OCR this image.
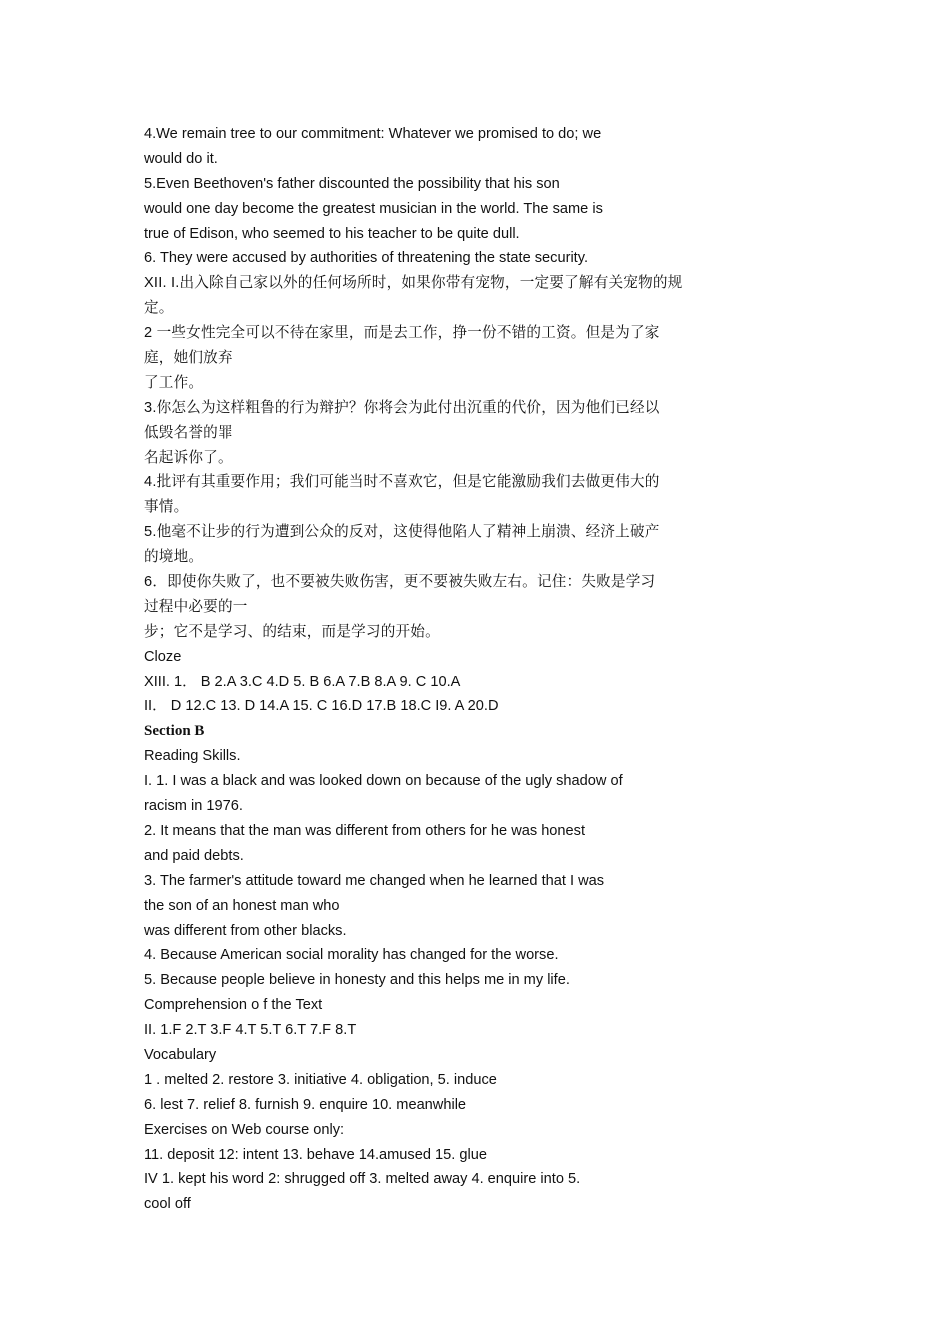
4.We remain tree to our commitment: Whatever we promised to do; we
would do it.
5.Even Beethoven's father discounted the possibility that his son
would one day become the greatest musician in the world. The same is
true of Edison, who seemed to his teacher to be quite dull.
6. They were accused by authorities of threatening the state security.
XII. I.出入除自己家以外的任何场所时，如果你带有宠物，一定要了解有关宠物的规
定。
2 一些女性完全可以不待在家里，而是去工作，挣一份不错的工资。但是为了家
庭，她们放弃
了工作。
3.你怎么为这样粗鲁的行为辩护？你将会为此付出沉重的代价，因为他们已经以
低毁名誉的罪
名起诉你了。
4.批评有其重要作用；我们可能当时不喜欢它，但是它能激励我们去做更伟大的
事情。
5.他毫不让步的行为遭到公众的反对，这使得他陷人了精神上崩溃、经济上破产
的境地。
6．即使你失败了，也不要被失败伤害，更不要被失败左右。记住：失败是学习
过程中必要的一
步；它不是学习、的结束，而是学习的开始。
Cloze
XIII. 1． B 2.A 3.C 4.D 5. B 6.A 7.B 8.A 9. C 10.A
II． D 12.C 13. D 14.A 15. C 16.D 17.B 18.C I9. A 20.D
Section B
Reading Skills.
I. 1. I was a black and was looked down on because of the ugly shadow of
racism in 1976.
2. It means that the man was different from others for he was honest
and paid debts.
3. The farmer's attitude toward me changed when he learned that I was
the son of an honest man who
was different from other blacks.
4. Because American social morality has changed for the worse.
5. Because people believe in honesty and this helps me in my life.
Comprehension o f the Text
II. 1.F 2.T 3.F 4.T 5.T 6.T 7.F 8.T
Vocabulary
1 . melted 2. restore 3. initiative 4. obligation, 5. induce
6. lest 7. relief 8. furnish 9. enquire 10. meanwhile
Exercises on Web course only:
11. deposit 12: intent 13. behave 14.amused 15. glue
IV 1. kept his word 2: shrugged off 3. melted away 4. enquire into 5.
cool off
